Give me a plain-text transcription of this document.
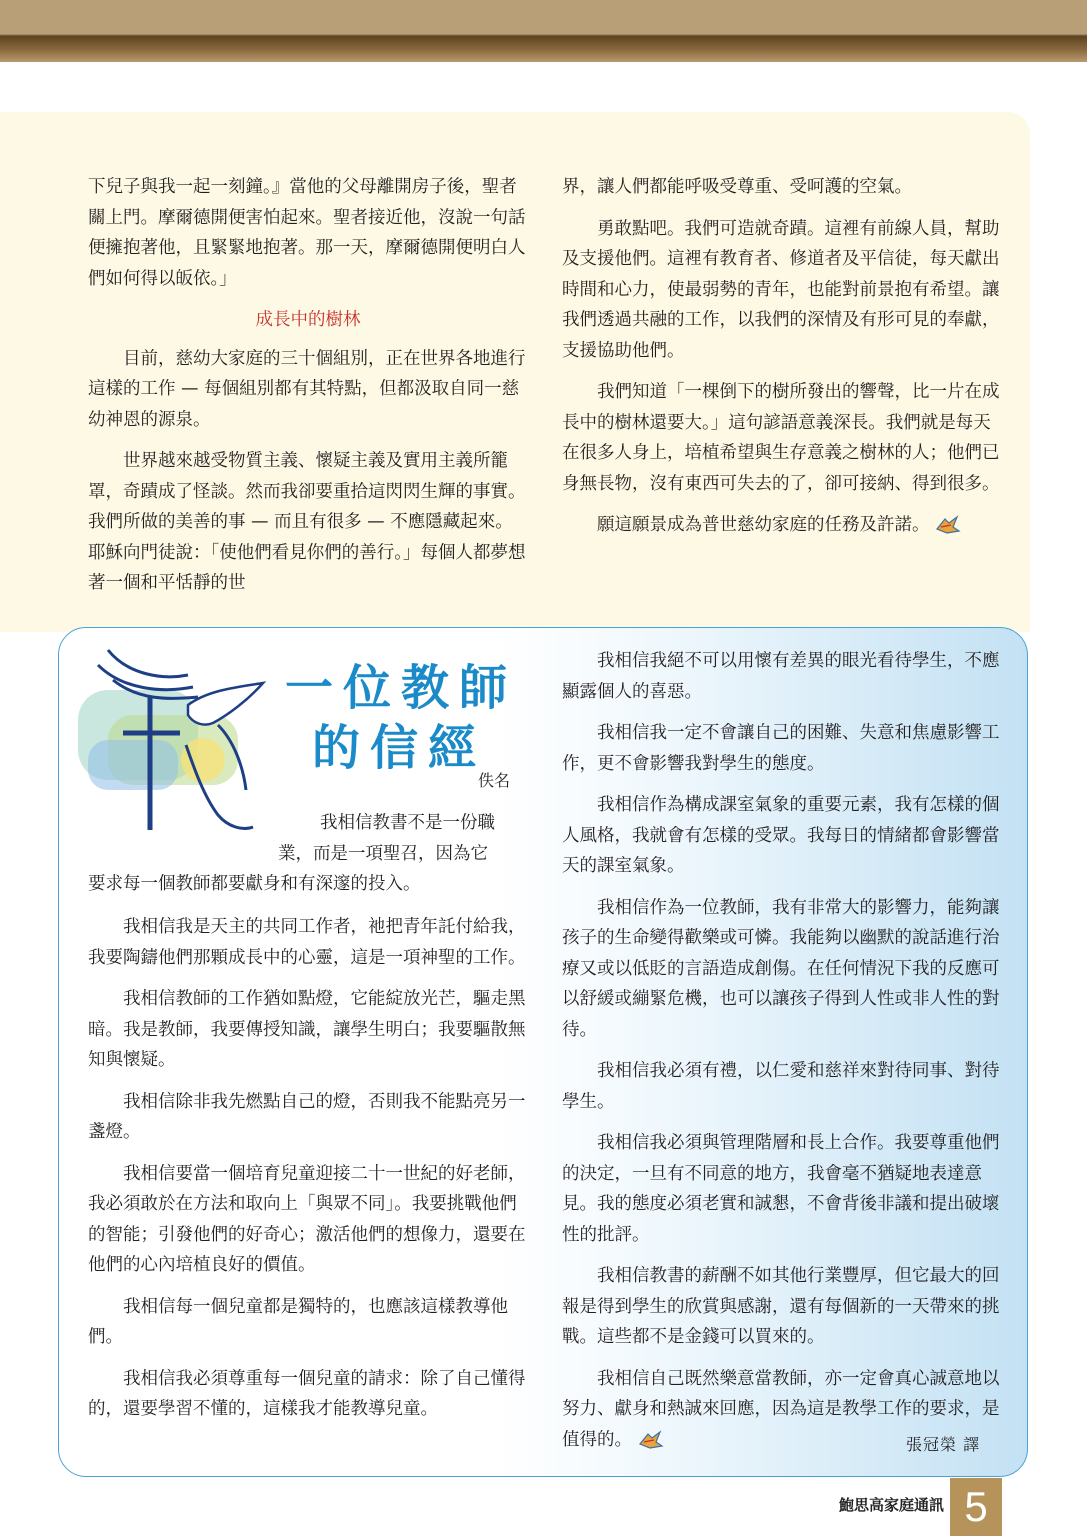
下兒子與我一起一刻鐘。』當他的父母離開房子後，聖者關上門。摩爾德開便害怕起來。聖者接近他，沒說一句話便擁抱著他，且緊緊地抱著。那一天，摩爾德開便明白人們如何得以皈依。」

成長中的樹林

目前，慈幼大家庭的三十個組別，正在世界各地進行這樣的工作 — 每個組別都有其特點，但都汲取自同一慈幼神恩的源泉。

世界越來越受物質主義、懷疑主義及實用主義所籠罩，奇蹟成了怪談。然而我卻要重拾這閃閃生輝的事實。我們所做的美善的事 — 而且有很多 — 不應隱藏起來。耶穌向門徒說：「使他們看見你們的善行。」每個人都夢想著一個和平恬靜的世

界，讓人們都能呼吸受尊重、受呵護的空氣。

勇敢點吧。我們可造就奇蹟。這裡有前線人員，幫助及支援他們。這裡有教育者、修道者及平信徒，每天獻出時間和心力，使最弱勢的青年，也能對前景抱有希望。讓我們透過共融的工作，以我們的深情及有形可見的奉獻，支援協助他們。

我們知道「一棵倒下的樹所發出的響聲，比一片在成長中的樹林還要大。」這句諺語意義深長。我們就是每天在很多人身上，培植希望與生存意義之樹林的人；他們已身無長物，沒有東西可失去的了，卻可接納、得到很多。

願這願景成為普世慈幼家庭的任務及許諾。

一位教師
的信經
佚名
我相信教書不是一份職
業，而是一項聖召，因為它
要求每一個教師都要獻身和有深邃的投入。

我相信我是天主的共同工作者，祂把青年託付給我，我要陶鑄他們那顆成長中的心靈，這是一項神聖的工作。

我相信教師的工作猶如點燈，它能綻放光芒，驅走黑暗。我是教師，我要傳授知識，讓學生明白；我要驅散無知與懷疑。

我相信除非我先燃點自己的燈，否則我不能點亮另一盞燈。

我相信要當一個培育兒童迎接二十一世紀的好老師，我必須敢於在方法和取向上「與眾不同」。我要挑戰他們的智能；引發他們的好奇心；激活他們的想像力，還要在他們的心內培植良好的價值。

我相信每一個兒童都是獨特的，也應該這樣教導他們。

我相信我必須尊重每一個兒童的請求：除了自己懂得的，還要學習不懂的，這樣我才能教導兒童。

我相信我絕不可以用懷有差異的眼光看待學生，不應顯露個人的喜惡。

我相信我一定不會讓自己的困難、失意和焦慮影響工作，更不會影響我對學生的態度。

我相信作為構成課室氣象的重要元素，我有怎樣的個人風格，我就會有怎樣的受眾。我每日的情緒都會影響當天的課室氣象。

我相信作為一位教師，我有非常大的影響力，能夠讓孩子的生命變得歡樂或可憐。我能夠以幽默的說話進行治療又或以低貶的言語造成創傷。在任何情況下我的反應可以舒緩或繃緊危機，也可以讓孩子得到人性或非人性的對待。

我相信我必須有禮，以仁愛和慈祥來對待同事、對待學生。

我相信我必須與管理階層和長上合作。我要尊重他們的決定，一旦有不同意的地方，我會毫不猶疑地表達意見。我的態度必須老實和誠懇，不會背後非議和提出破壞性的批評。

我相信教書的薪酬不如其他行業豐厚，但它最大的回報是得到學生的欣賞與感謝，還有每個新的一天帶來的挑戰。這些都不是金錢可以買來的。

我相信自己既然樂意當教師，亦一定會真心誠意地以努力、獻身和熱誠來回應，因為這是教學工作的要求，是值得的。	張冠榮 譯
鮑思高家庭通訊 5
